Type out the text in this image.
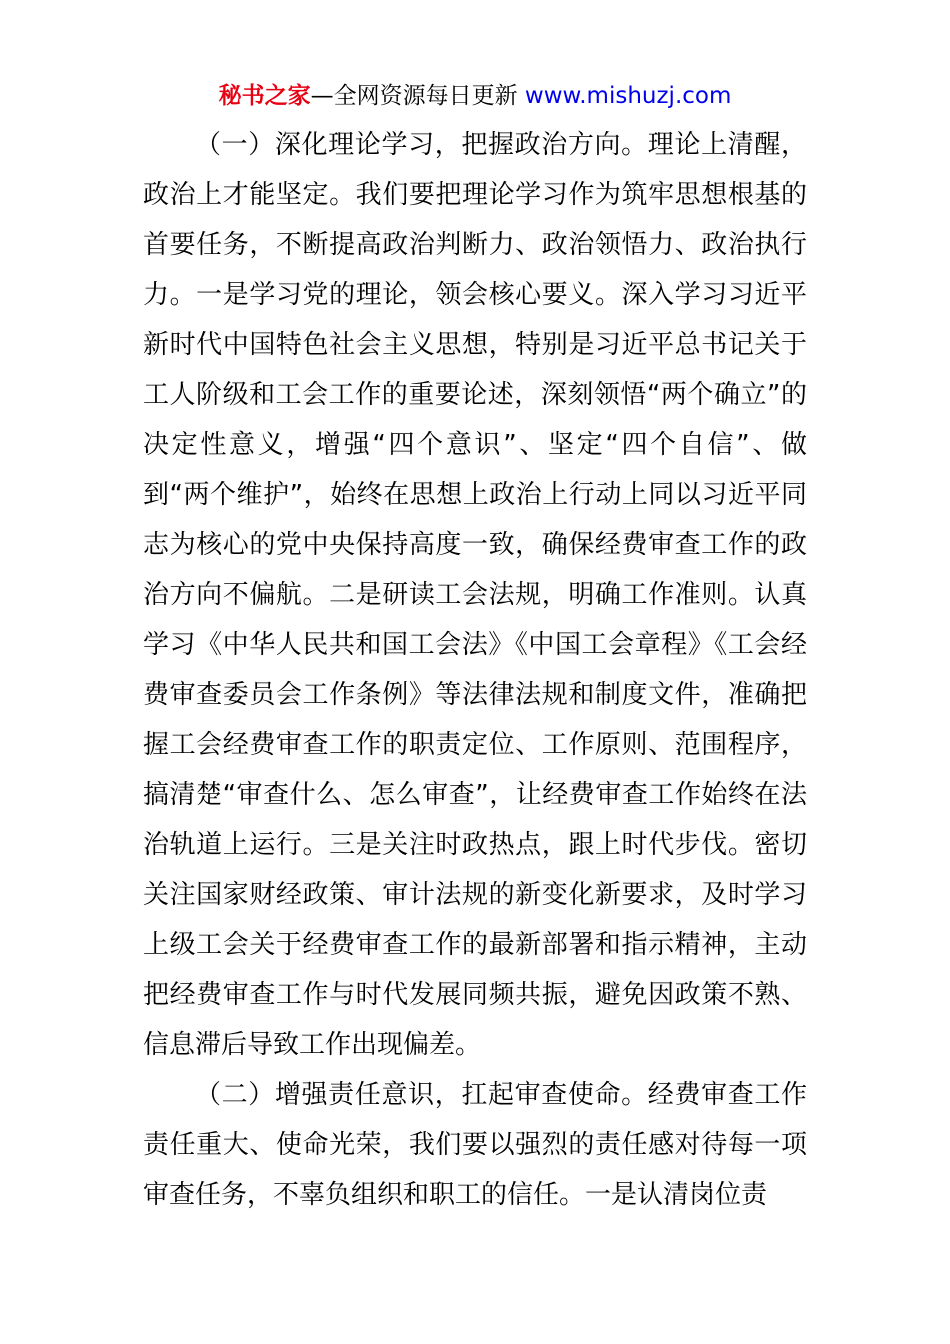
秘书之家—全网资源每日更新 www.mishuzj.com

（一）深化理论学习，把握政治方向。理论上清醒，政治上才能坚定。我们要把理论学习作为筑牢思想根基的首要任务，不断提高政治判断力、政治领悟力、政治执行力。一是学习党的理论，领会核心要义。深入学习习近平新时代中国特色社会主义思想，特别是习近平总书记关于工人阶级和工会工作的重要论述，深刻领悟“两个确立”的决定性意义，增强“四个意识”、坚定“四个自信”、做到“两个维护”，始终在思想上政治上行动上同以习近平同志为核心的党中央保持高度一致，确保经费审查工作的政治方向不偏航。二是研读工会法规，明确工作准则。认真学习《中华人民共和国工会法》《中国工会章程》《工会经费审查委员会工作条例》等法律法规和制度文件，准确把握工会经费审查工作的职责定位、工作原则、范围程序，搞清楚“审查什么、怎么审查”，让经费审查工作始终在法治轨道上运行。三是关注时政热点，跟上时代步伐。密切关注国家财经政策、审计法规的新变化新要求，及时学习上级工会关于经费审查工作的最新部署和指示精神，主动把经费审查工作与时代发展同频共振，避免因政策不熟、信息滞后导致工作出现偏差。

（二）增强责任意识，扛起审查使命。经费审查工作责任重大、使命光荣，我们要以强烈的责任感对待每一项审查任务，不辜负组织和职工的信任。一是认清岗位责
